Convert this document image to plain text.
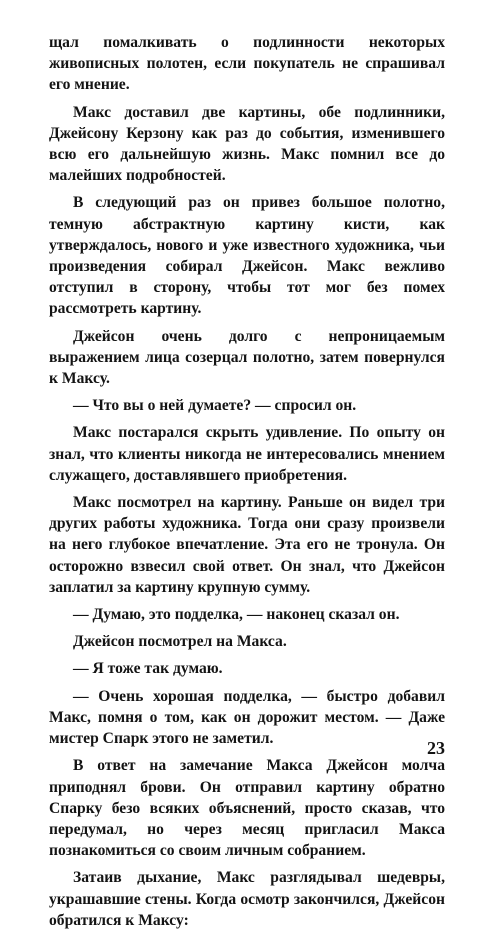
щал помалкивать о подлинности некоторых живописных полотен, если покупатель не спрашивал его мнение.

Макс доставил две картины, обе подлинники, Джейсону Керзону как раз до события, изменившего всю его дальнейшую жизнь. Макс помнил все до малейших подробностей.

В следующий раз он привез большое полотно, темную абстрактную картину кисти, как утверждалось, нового и уже известного художника, чьи произведения собирал Джейсон. Макс вежливо отступил в сторону, чтобы тот мог без помех рассмотреть картину.

Джейсон очень долго с непроницаемым выражением лица созерцал полотно, затем повернулся к Максу.

— Что вы о ней думаете? — спросил он.

Макс постарался скрыть удивление. По опыту он знал, что клиенты никогда не интересовались мнением служащего, доставлявшего приобретения.

Макс посмотрел на картину. Раньше он видел три других работы художника. Тогда они сразу произвели на него глубокое впечатление. Эта его не тронула. Он осторожно взвесил свой ответ. Он знал, что Джейсон заплатил за картину крупную сумму.

— Думаю, это подделка, — наконец сказал он.

Джейсон посмотрел на Макса.

— Я тоже так думаю.

— Очень хорошая подделка, — быстро добавил Макс, помня о том, как он дорожит местом. — Даже мистер Спарк этого не заметил.

В ответ на замечание Макса Джейсон молча приподнял брови. Он отправил картину обратно Спарку безо всяких объяснений, просто сказав, что передумал, но через месяц пригласил Макса познакомиться со своим личным собранием.

Затаив дыхание, Макс разглядывал шедевры, украшавшие стены. Когда осмотр закончился, Джейсон обратился к Максу:

23
